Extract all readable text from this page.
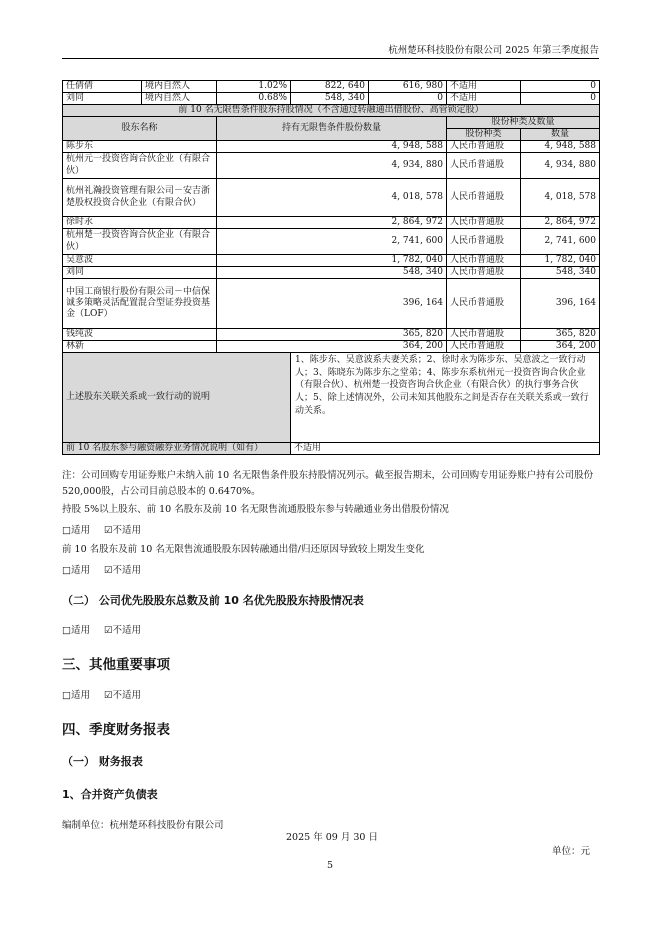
杭州楚环科技股份有限公司 2025 年第三季度报告
任倩倩	境内自然人	1.02%	822, 640	616, 980	不适用	0
刘同	境内自然人	0.68%	548, 340	0	不适用	0
前 10 名无限售条件股东持股情况（不含通过转融通出借股份、高管锁定股）						
股东名称		持有无限售条件股份数量			股份种类及数量	
					股份种类	数量
陈步东		4, 948, 588			人民币普通股	4, 948, 588
杭州元一投资咨询合伙企业（有限合伙）		4, 934, 880			人民币普通股	4, 934, 880
杭州礼瀚投资管理有限公司－安吉浙楚股权投资合伙企业（有限合伙）		4, 018, 578			人民币普通股	4, 018, 578
徐时永		2, 864, 972			人民币普通股	2, 864, 972
杭州楚一投资咨询合伙企业（有限合伙）		2, 741, 600			人民币普通股	2, 741, 600
吴意波		1, 782, 040			人民币普通股	1, 782, 040
刘同		548, 340			人民币普通股	548, 340
中国工商银行股份有限公司－中信保诚多策略灵活配置混合型证券投资基金（LOF）		396, 164			人民币普通股	396, 164
钱纯波		365, 820			人民币普通股	365, 820
林新		364, 200			人民币普通股	364, 200
上述股东关联关系或一致行动的说明			1、陈步东、吴意波系夫妻关系；2、徐时永为陈步东、吴意波之一致行动人；3、陈晓东为陈步东之堂弟；4、陈步东系杭州元一投资咨询合伙企业（有限合伙）、杭州楚一投资咨询合伙企业（有限合伙）的执行事务合伙人；5、除上述情况外，公司未知其他股东之间是否存在关联关系或一致行动关系。			
前 10 名股东参与融资融券业务情况说明（如有）			不适用			
注：公司回购专用证券账户未纳入前 10 名无限售条件股东持股情况列示。截至报告期末，公司回购专用证券账户持有公司股份 520,000股，占公司目前总股本的 0.6470%。
持股 5%以上股东、前 10 名股东及前 10 名无限售流通股股东参与转融通业务出借股份情况
□适用 ☑不适用
前 10 名股东及前 10 名无限售流通股股东因转融通出借/归还原因导致较上期发生变化
□适用 ☑不适用
（二） 公司优先股股东总数及前 10 名优先股股东持股情况表
□适用 ☑不适用
三、其他重要事项
□适用 ☑不适用
四、季度财务报表
（一） 财务报表
1、合并资产负债表
编制单位：杭州楚环科技股份有限公司
2025 年 09 月 30 日
单位：元
5
